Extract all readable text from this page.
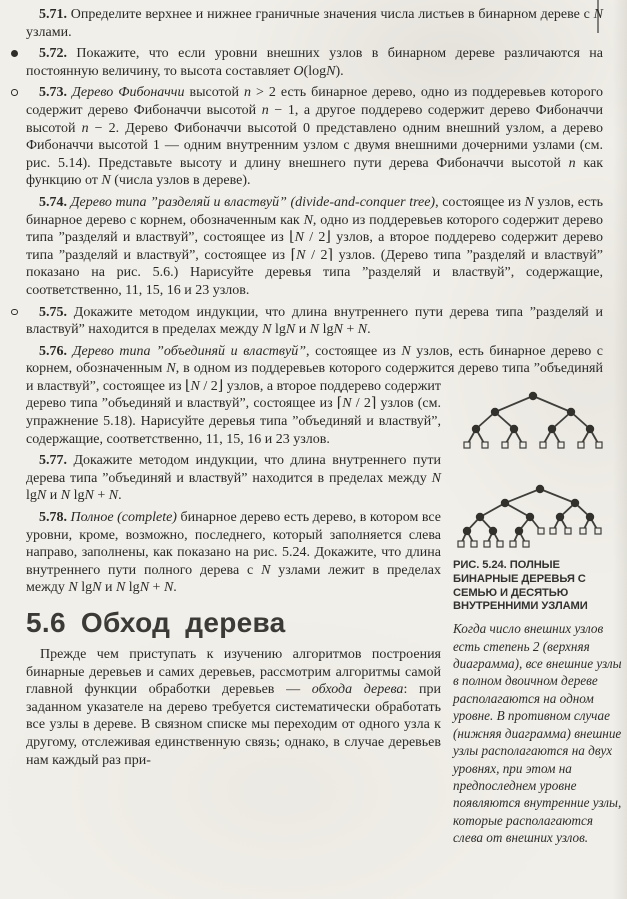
5.71. Определите верхнее и нижнее граничные значения числа листьев в бинарном дереве с N узлами.
5.72. Покажите, что если уровни внешних узлов в бинарном дереве различаются на постоянную величину, то высота составляет O(logN).
5.73. Дерево Фибоначчи высотой n > 2 есть бинарное дерево, одно из поддеревьев которого содержит дерево Фибоначчи высотой n − 1, а другое поддерево содержит дерево Фибоначчи высотой n − 2. Дерево Фибоначчи высотой 0 представлено одним внешний узлом, а дерево Фибоначчи высотой 1 — одним внутренним узлом с двумя внешними дочерними узлами (см. рис. 5.14). Представьте высоту и длину внешнего пути дерева Фибоначчи высотой n как функцию от N (числа узлов в дереве).
5.74. Дерево типа ”разделяй и властвуй” (divide-and-conquer tree), состоящее из N узлов, есть бинарное дерево с корнем, обозначенным как N, одно из поддеревьев которого содержит дерево типа ”разделяй и властвуй”, состоящее из ⌊N / 2⌋ узлов, а второе поддерево содержит дерево типа ”разделяй и властвуй”, состоящее из ⌈N / 2⌉ узлов. (Дерево типа ”разделяй и властвуй” показано на рис. 5.6.) Нарисуйте деревья типа ”разделяй и властвуй”, содержащие, соответственно, 11, 15, 16 и 23 узлов.
5.75. Докажите методом индукции, что длина внутреннего пути дерева типа ”разделяй и властвуй” находится в пределах между N lgN и N lgN + N.
5.76. Дерево типа ”объединяй и властвуй”, состоящее из N узлов, есть бинарное дерево с корнем, обозначенным N, в одном из поддеревьев которого содержится
РИС. 5.24. ПОЛНЫЕ БИНАРНЫЕ ДЕРЕВЬЯ С СЕМЬЮ И ДЕСЯТЬЮ ВНУТРЕННИМИ УЗЛАМИ
Когда число внешних узлов есть степень 2 (верхняя диаграмма), все внешние узлы в полном двоичном дереве располагаются на одном уровне. В противном случае (нижняя диаграмма) внешние узлы располагаются на двух уровнях, при этом на предпоследнем уровне появляются внутренние узлы, которые располагаются слева от внешних узлов.
дерево типа ”объединяй и властвуй”, состоящее из ⌊N / 2⌋ узлов, а второе поддерево содержит дерево типа ”объединяй и властвуй”, состоящее из ⌈N / 2⌉ узлов (см. упражнение 5.18). Нарисуйте деревья типа ”объединяй и властвуй”, содержащие, соответственно, 11, 15, 16 и 23 узлов.
5.77. Докажите методом индукции, что длина внутреннего пути дерева типа ”объединяй и властвуй” находится в пределах между N lgN и N lgN + N.
5.78. Полное (complete) бинарное дерево есть дерево, в котором все уровни, кроме, возможно, последнего, который заполняется слева направо, заполнены, как показано на рис. 5.24. Докажите, что длина внутреннего пути полного дерева с N узлами лежит в пределах между N lgN и N lgN + N.
5.6 Обход дерева
Прежде чем приступать к изучению алгоритмов построения бинарные деревьев и самих деревьев, рассмотрим алгоритмы самой главной функции обработки деревьев — обхода дерева: при заданном указателе на дерево требуется систематически обработать все узлы в дереве. В связном списке мы переходим от одного узла к другому, отслеживая единственную связь; однако, в случае деревьев нам каждый раз при-
